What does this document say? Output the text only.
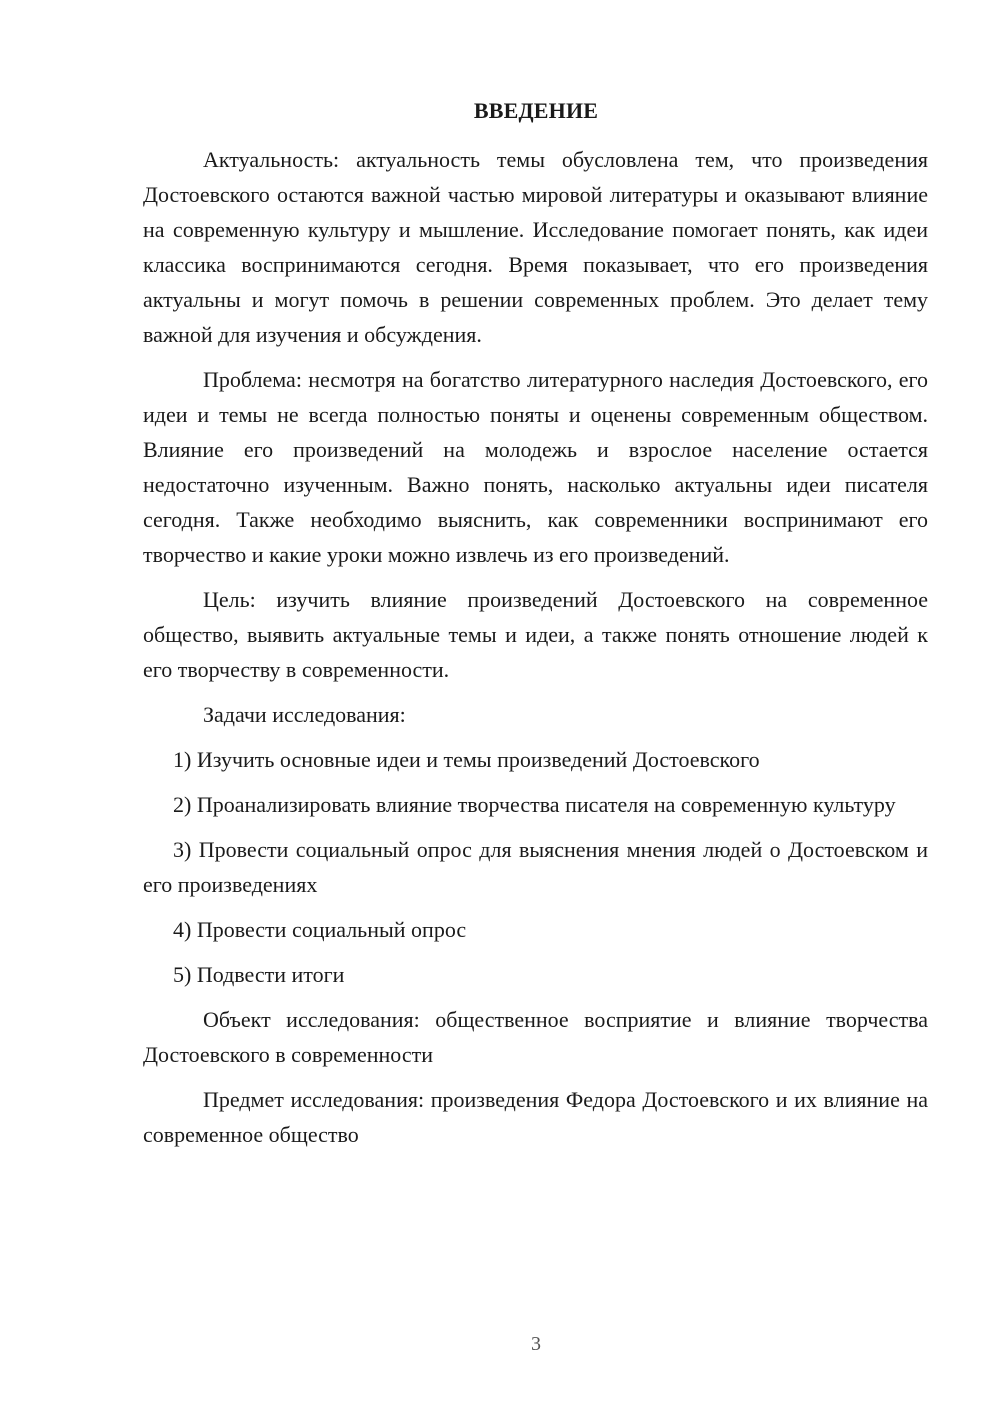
ВВЕДЕНИЕ

Актуальность: актуальность темы обусловлена тем, что произведения Достоевского остаются важной частью мировой литературы и оказывают влияние на современную культуру и мышление. Исследование помогает понять, как идеи классика воспринимаются сегодня. Время показывает, что его произведения актуальны и могут помочь в решении современных проблем. Это делает тему важной для изучения и обсуждения.

Проблема: несмотря на богатство литературного наследия Достоевского, его идеи и темы не всегда полностью поняты и оценены современным обществом. Влияние его произведений на молодежь и взрослое население остается недостаточно изученным. Важно понять, насколько актуальны идеи писателя сегодня. Также необходимо выяснить, как современники воспринимают его творчество и какие уроки можно извлечь из его произведений.

Цель: изучить влияние произведений Достоевского на современное общество, выявить актуальные темы и идеи, а также понять отношение людей к его творчеству в современности.

Задачи исследования:

1) Изучить основные идеи и темы произведений Достоевского

2) Проанализировать влияние творчества писателя на современную культуру

3) Провести социальный опрос для выяснения мнения людей о Достоевском и его произведениях

4) Провести социальный опрос

5) Подвести итоги

Объект исследования: общественное восприятие и влияние творчества Достоевского в современности

Предмет исследования: произведения Федора Достоевского и их влияние на современное общество

3
